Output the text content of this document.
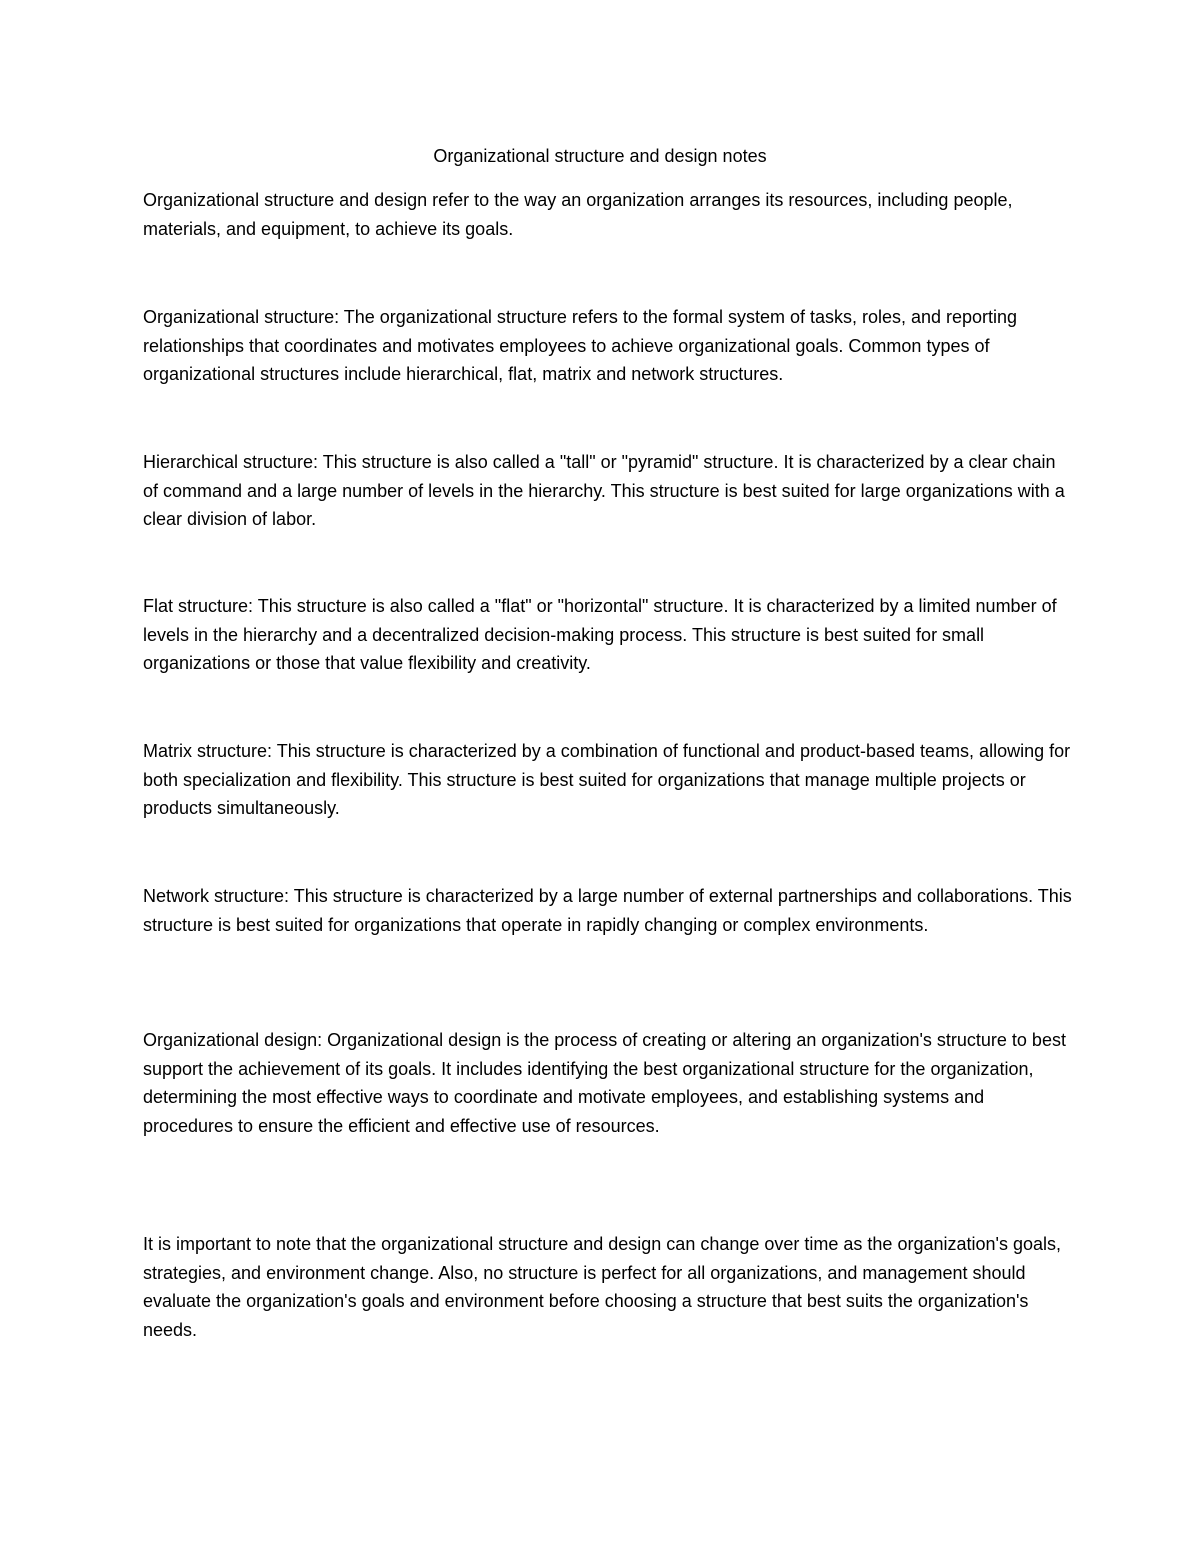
Organizational structure and design notes

Organizational structure and design refer to the way an organization arranges its resources, including people, materials, and equipment, to achieve its goals.

Organizational structure: The organizational structure refers to the formal system of tasks, roles, and reporting relationships that coordinates and motivates employees to achieve organizational goals. Common types of organizational structures include hierarchical, flat, matrix and network structures.

Hierarchical structure: This structure is also called a "tall" or "pyramid" structure. It is characterized by a clear chain of command and a large number of levels in the hierarchy. This structure is best suited for large organizations with a clear division of labor.

Flat structure: This structure is also called a "flat" or "horizontal" structure. It is characterized by a limited number of levels in the hierarchy and a decentralized decision-making process. This structure is best suited for small organizations or those that value flexibility and creativity.

Matrix structure: This structure is characterized by a combination of functional and product-based teams, allowing for both specialization and flexibility. This structure is best suited for organizations that manage multiple projects or products simultaneously.

Network structure: This structure is characterized by a large number of external partnerships and collaborations. This structure is best suited for organizations that operate in rapidly changing or complex environments.

Organizational design: Organizational design is the process of creating or altering an organization's structure to best support the achievement of its goals. It includes identifying the best organizational structure for the organization, determining the most effective ways to coordinate and motivate employees, and establishing systems and procedures to ensure the efficient and effective use of resources.

It is important to note that the organizational structure and design can change over time as the organization's goals, strategies, and environment change. Also, no structure is perfect for all organizations, and management should evaluate the organization's goals and environment before choosing a structure that best suits the organization's needs.
